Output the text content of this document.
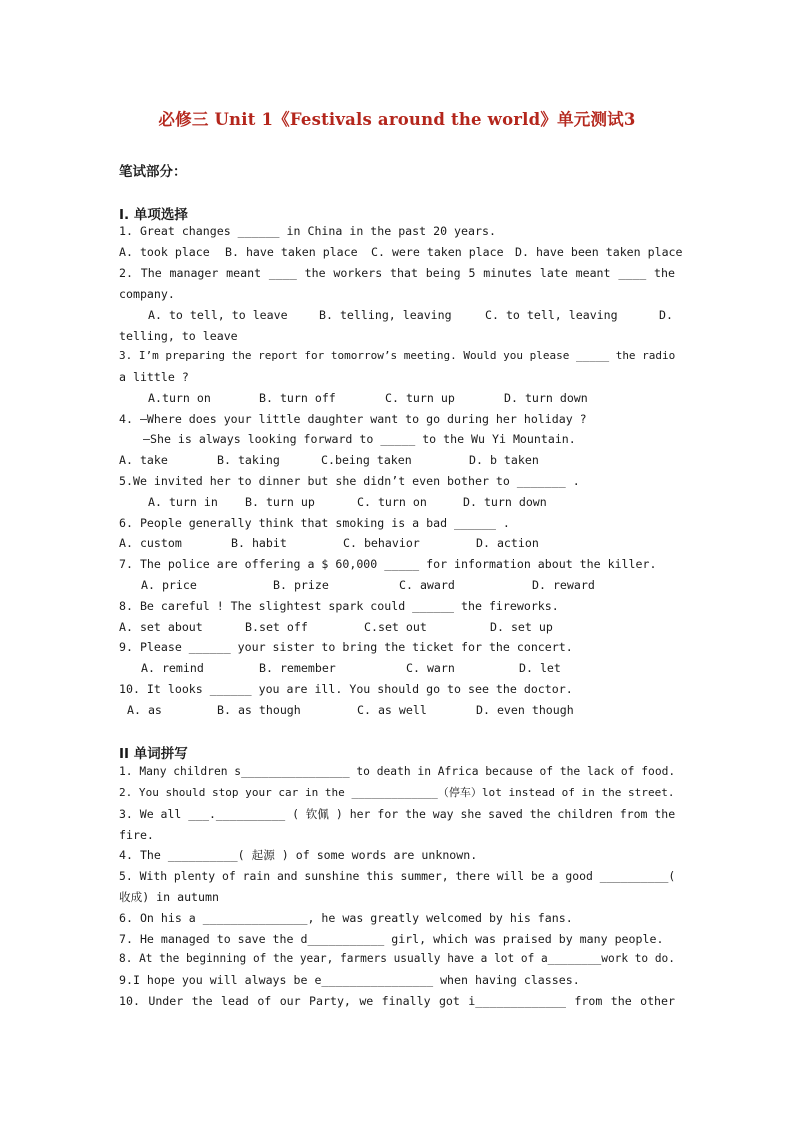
必修三 Unit 1《Festivals around the world》单元测试3
笔试部分：
I. 单项选择
1. Great changes ______ in China in the past 20 years.
A. took place B. have taken place C. were taken place D. have been taken place
2. The manager meant ____ the workers that being 5 minutes late meant ____ the
company.
A. to tell, to leave	B. telling, leaving	C. to tell, leaving	D.
telling, to leave
3. I’m preparing the report for tomorrow’s meeting. Would you please _____ the radio
a little ?
A.turn on	B. turn off	C. turn up	D. turn down
4. —Where does your little daughter want to go during her holiday ?
—She is always looking forward to _____ to the Wu Yi Mountain.
A. take	B. taking	C.being taken	D. b taken
5.We invited her to dinner but she didn’t even bother to _______ .
A. turn in B. turn up	C. turn on	D. turn down
6. People generally think that smoking is a bad ______ .
A. custom	B. habit	C. behavior	D. action
7. The police are offering a $ 60,000 _____ for information about the killer.
A. price	B. prize	C. award	D. reward
8. Be careful ! The slightest spark could ______ the fireworks.
A. set about	B.set off	C.set out	D. set up
9. Please ______ your sister to bring the ticket for the concert.
A. remind	B. remember	C. warn	D. let
10. It looks ______ you are ill. You should go to see the doctor.
A. as	B. as though	C. as well	D. even though
II 单词拼写
1. Many children s________________ to death in Africa because of the lack of food.
2. You should stop your car in the _____________（停车）lot instead of in the street.
3. We all ___.__________ ( 钦佩 ) her for the way she saved the children from the
fire.
4. The __________( 起源 ) of some words are unknown.
5. With plenty of rain and sunshine this summer, there will be a good __________(
收成) in autumn
6. On his a _______________, he was greatly welcomed by his fans.
7. He managed to save the d___________ girl, which was praised by many people.
8. At the beginning of the year, farmers usually have a lot of a________work to do.
9.I hope you will always be e________________ when having classes.
10. Under the lead of our Party, we finally got i_____________ from the other
